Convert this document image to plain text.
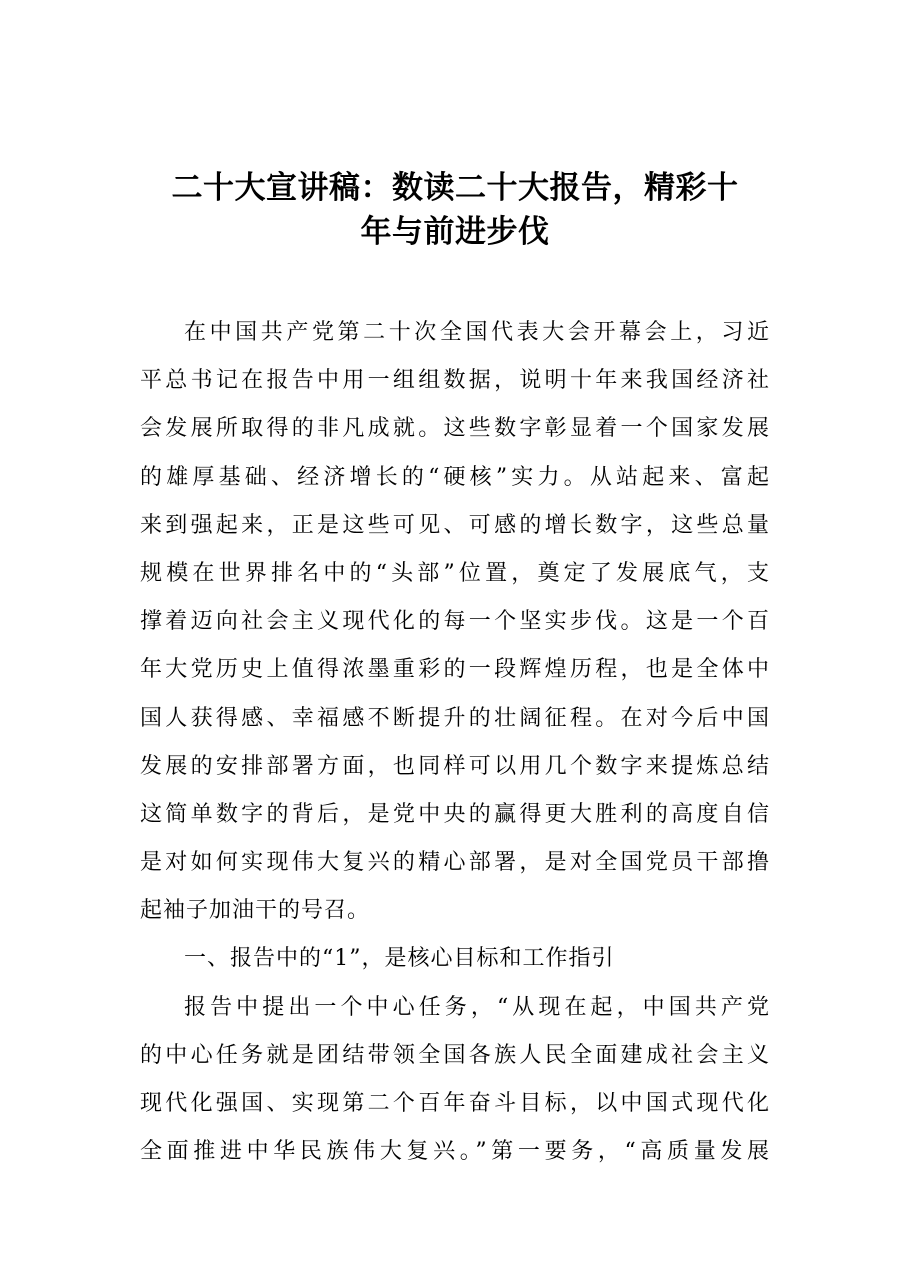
二十大宣讲稿：数读二十大报告，精彩十
年与前进步伐
在中国共产党第二十次全国代表大会开幕会上，习近
平总书记在报告中用一组组数据，说明十年来我国经济社
会发展所取得的非凡成就。这些数字彰显着一个国家发展
的雄厚基础、经济增长的“硬核”实力。从站起来、富起
来到强起来，正是这些可见、可感的增长数字，这些总量
规模在世界排名中的“头部”位置，奠定了发展底气，支
撑着迈向社会主义现代化的每一个坚实步伐。这是一个百
年大党历史上值得浓墨重彩的一段辉煌历程，也是全体中
国人获得感、幸福感不断提升的壮阔征程。在对今后中国
发展的安排部署方面，也同样可以用几个数字来提炼总结
这简单数字的背后，是党中央的赢得更大胜利的高度自信
是对如何实现伟大复兴的精心部署，是对全国党员干部撸
起袖子加油干的号召。
一、报告中的“1”，是核心目标和工作指引
报告中提出一个中心任务，“从现在起，中国共产党
的中心任务就是团结带领全国各族人民全面建成社会主义
现代化强国、实现第二个百年奋斗目标，以中国式现代化
全面推进中华民族伟大复兴。”第一要务，“高质量发展
